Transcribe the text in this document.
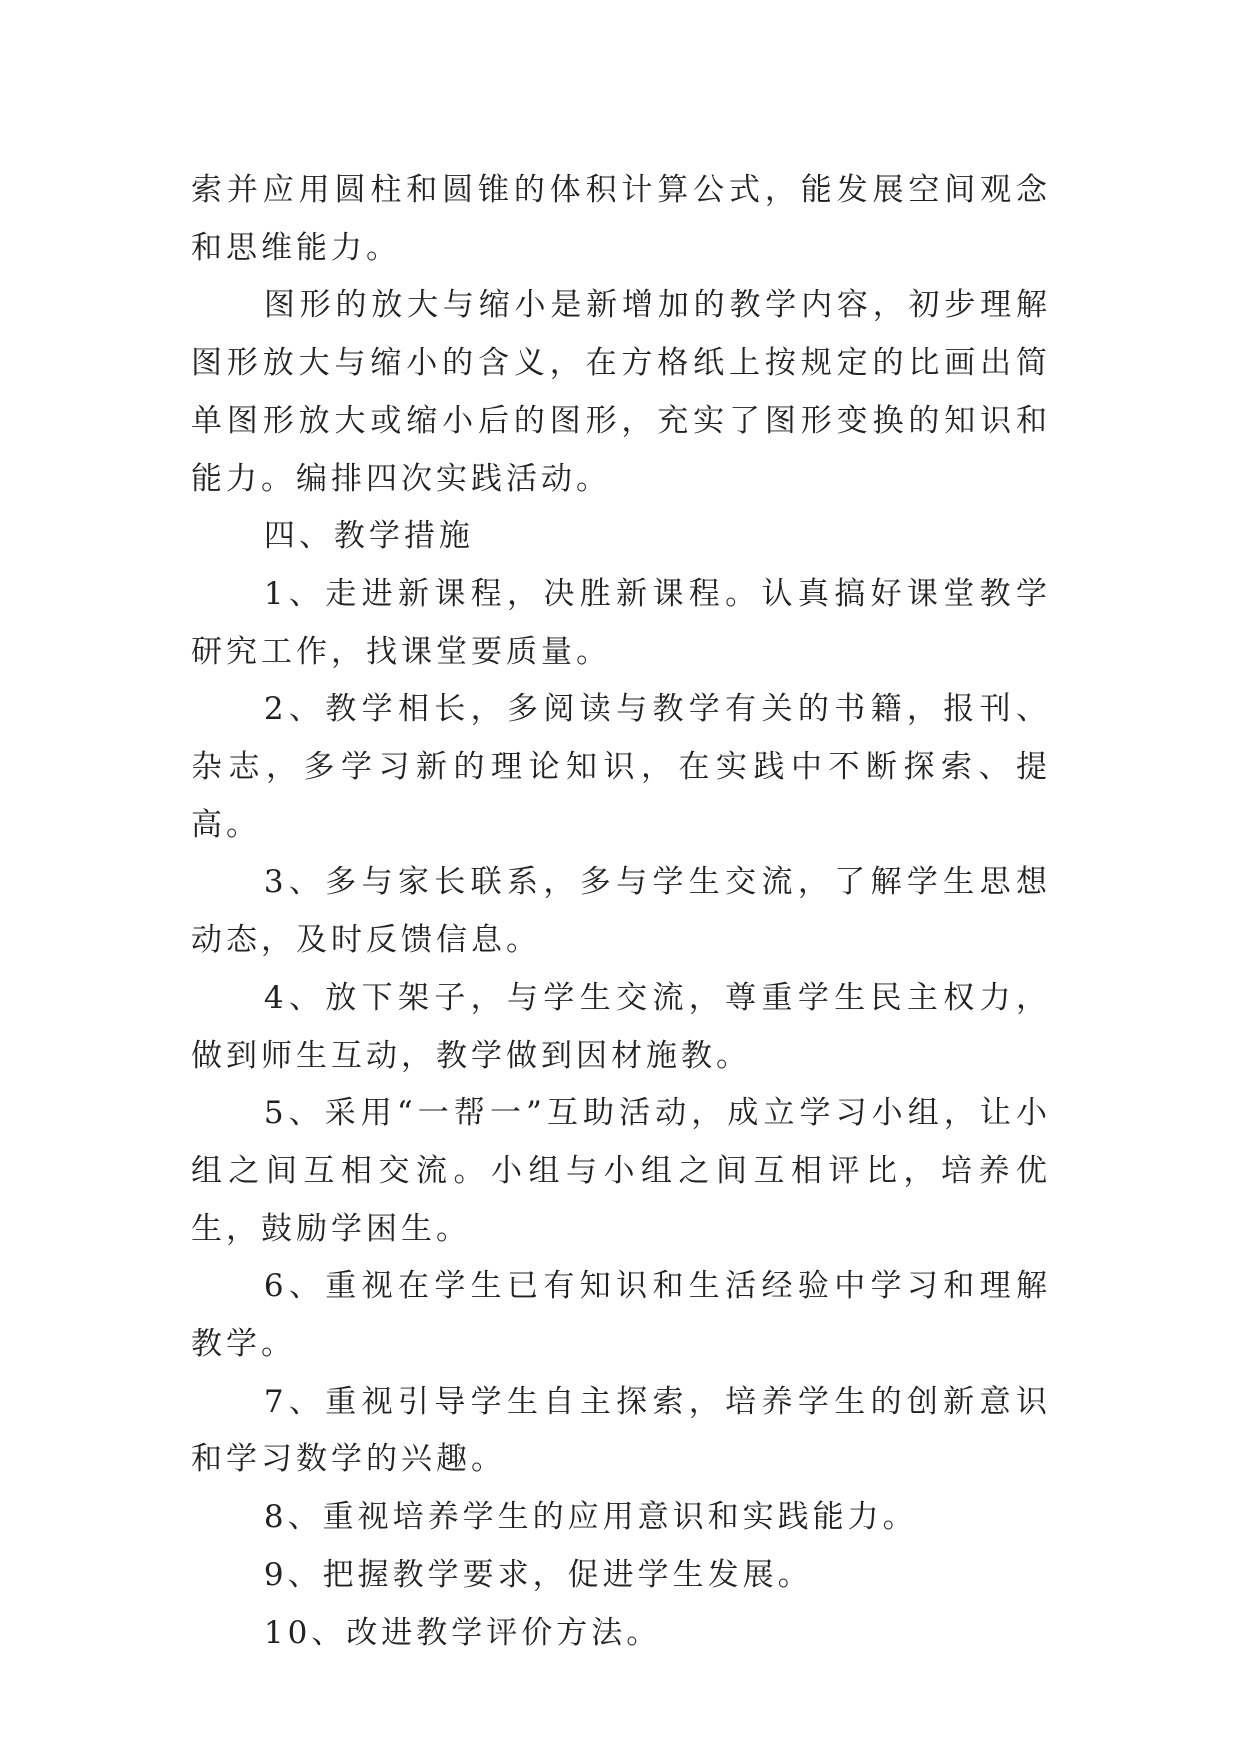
索并应用圆柱和圆锥的体积计算公式，能发展空间观念和思维能力。

图形的放大与缩小是新增加的教学内容，初步理解图形放大与缩小的含义，在方格纸上按规定的比画出简单图形放大或缩小后的图形，充实了图形变换的知识和能力。编排四次实践活动。

四、教学措施

1、走进新课程，决胜新课程。认真搞好课堂教学研究工作，找课堂要质量。

2、教学相长，多阅读与教学有关的书籍，报刊、杂志，多学习新的理论知识，在实践中不断探索、提高。

3、多与家长联系，多与学生交流，了解学生思想动态，及时反馈信息。

4、放下架子，与学生交流，尊重学生民主权力，做到师生互动，教学做到因材施教。

5、采用“一帮一”互助活动，成立学习小组，让小组之间互相交流。小组与小组之间互相评比，培养优生，鼓励学困生。

6、重视在学生已有知识和生活经验中学习和理解教学。

7、重视引导学生自主探索，培养学生的创新意识和学习数学的兴趣。

8、重视培养学生的应用意识和实践能力。

9、把握教学要求，促进学生发展。

10、改进教学评价方法。
